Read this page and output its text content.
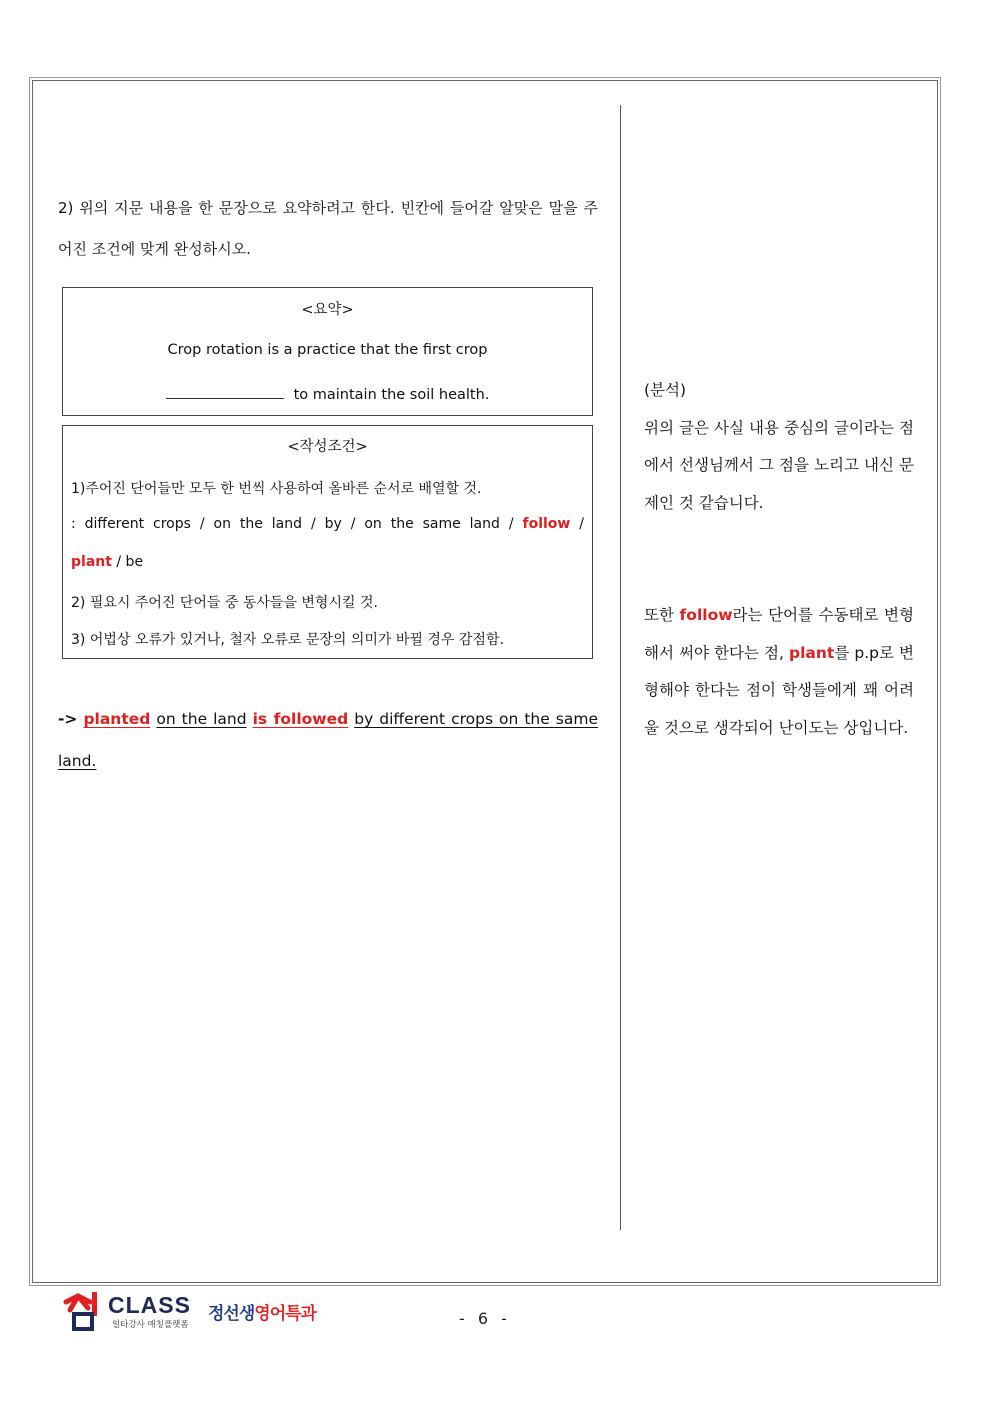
2) 위의 지문 내용을 한 문장으로 요약하려고 한다. 빈칸에 들어갈 알맞은 말을 주어진 조건에 맞게 완성하시오.
<요약>
Crop rotation is a practice that the first crop
to maintain the soil health.
<작성조건>
1)주어진 단어들만 모두 한 번씩 사용하여 올바른 순서로 배열할 것.
: different crops / on the land / by / on the same land / follow /
plant / be
2) 필요시 주어진 단어들 중 동사들을 변형시킬 것.
3) 어법상 오류가 있거나, 철자 오류로 문장의 의미가 바뀔 경우 감점함.
-> planted on the land is followed by different crops on the same land.

(분석)

위의 글은 사실 내용 중심의 글이라는 점에서 선생님께서 그 점을 노리고 내신 문제인 것 같습니다.

또한 follow라는 단어를 수동태로 변형해서 써야 한다는 점, plant를 p.p로 변형해야 한다는 점이 학생들에게 꽤 어려울 것으로 생각되어 난이도는 상입니다.

CLASS
일타강사 매칭플랫폼
정선생영어특과	- 6 -
